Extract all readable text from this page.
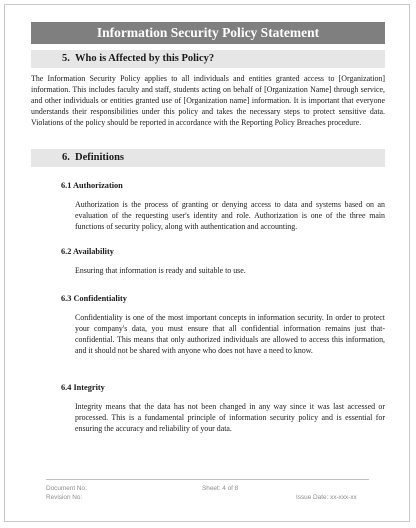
Information Security Policy Statement
5. Who is Affected by this Policy?

The Information Security Policy applies to all individuals and entities granted access to [Organization] information. This includes faculty and staff, students acting on behalf of [Organization Name] through service, and other individuals or entities granted use of [Organization name] information. It is important that everyone understands their responsibilities under this policy and takes the necessary steps to protect sensitive data. Violations of the policy should be reported in accordance with the Reporting Policy Breaches procedure.

6. Definitions
6.1 Authorization

Authorization is the process of granting or denying access to data and systems based on an evaluation of the requesting user's identity and role. Authorization is one of the three main functions of security policy, along with authentication and accounting.

6.2 Availability

Ensuring that information is ready and suitable to use.

6.3 Confidentiality

Confidentiality is one of the most important concepts in information security. In order to protect your company's data, you must ensure that all confidential information remains just that- confidential. This means that only authorized individuals are allowed to access this information, and it should not be shared with anyone who does not have a need to know.

6.4 Integrity

Integrity means that the data has not been changed in any way since it was last accessed or processed. This is a fundamental principle of information security policy and is essential for ensuring the accuracy and reliability of your data.

Document No:
Revision No:
Sheet: 4 of 8
Issue Date: xx-xxx-xx
